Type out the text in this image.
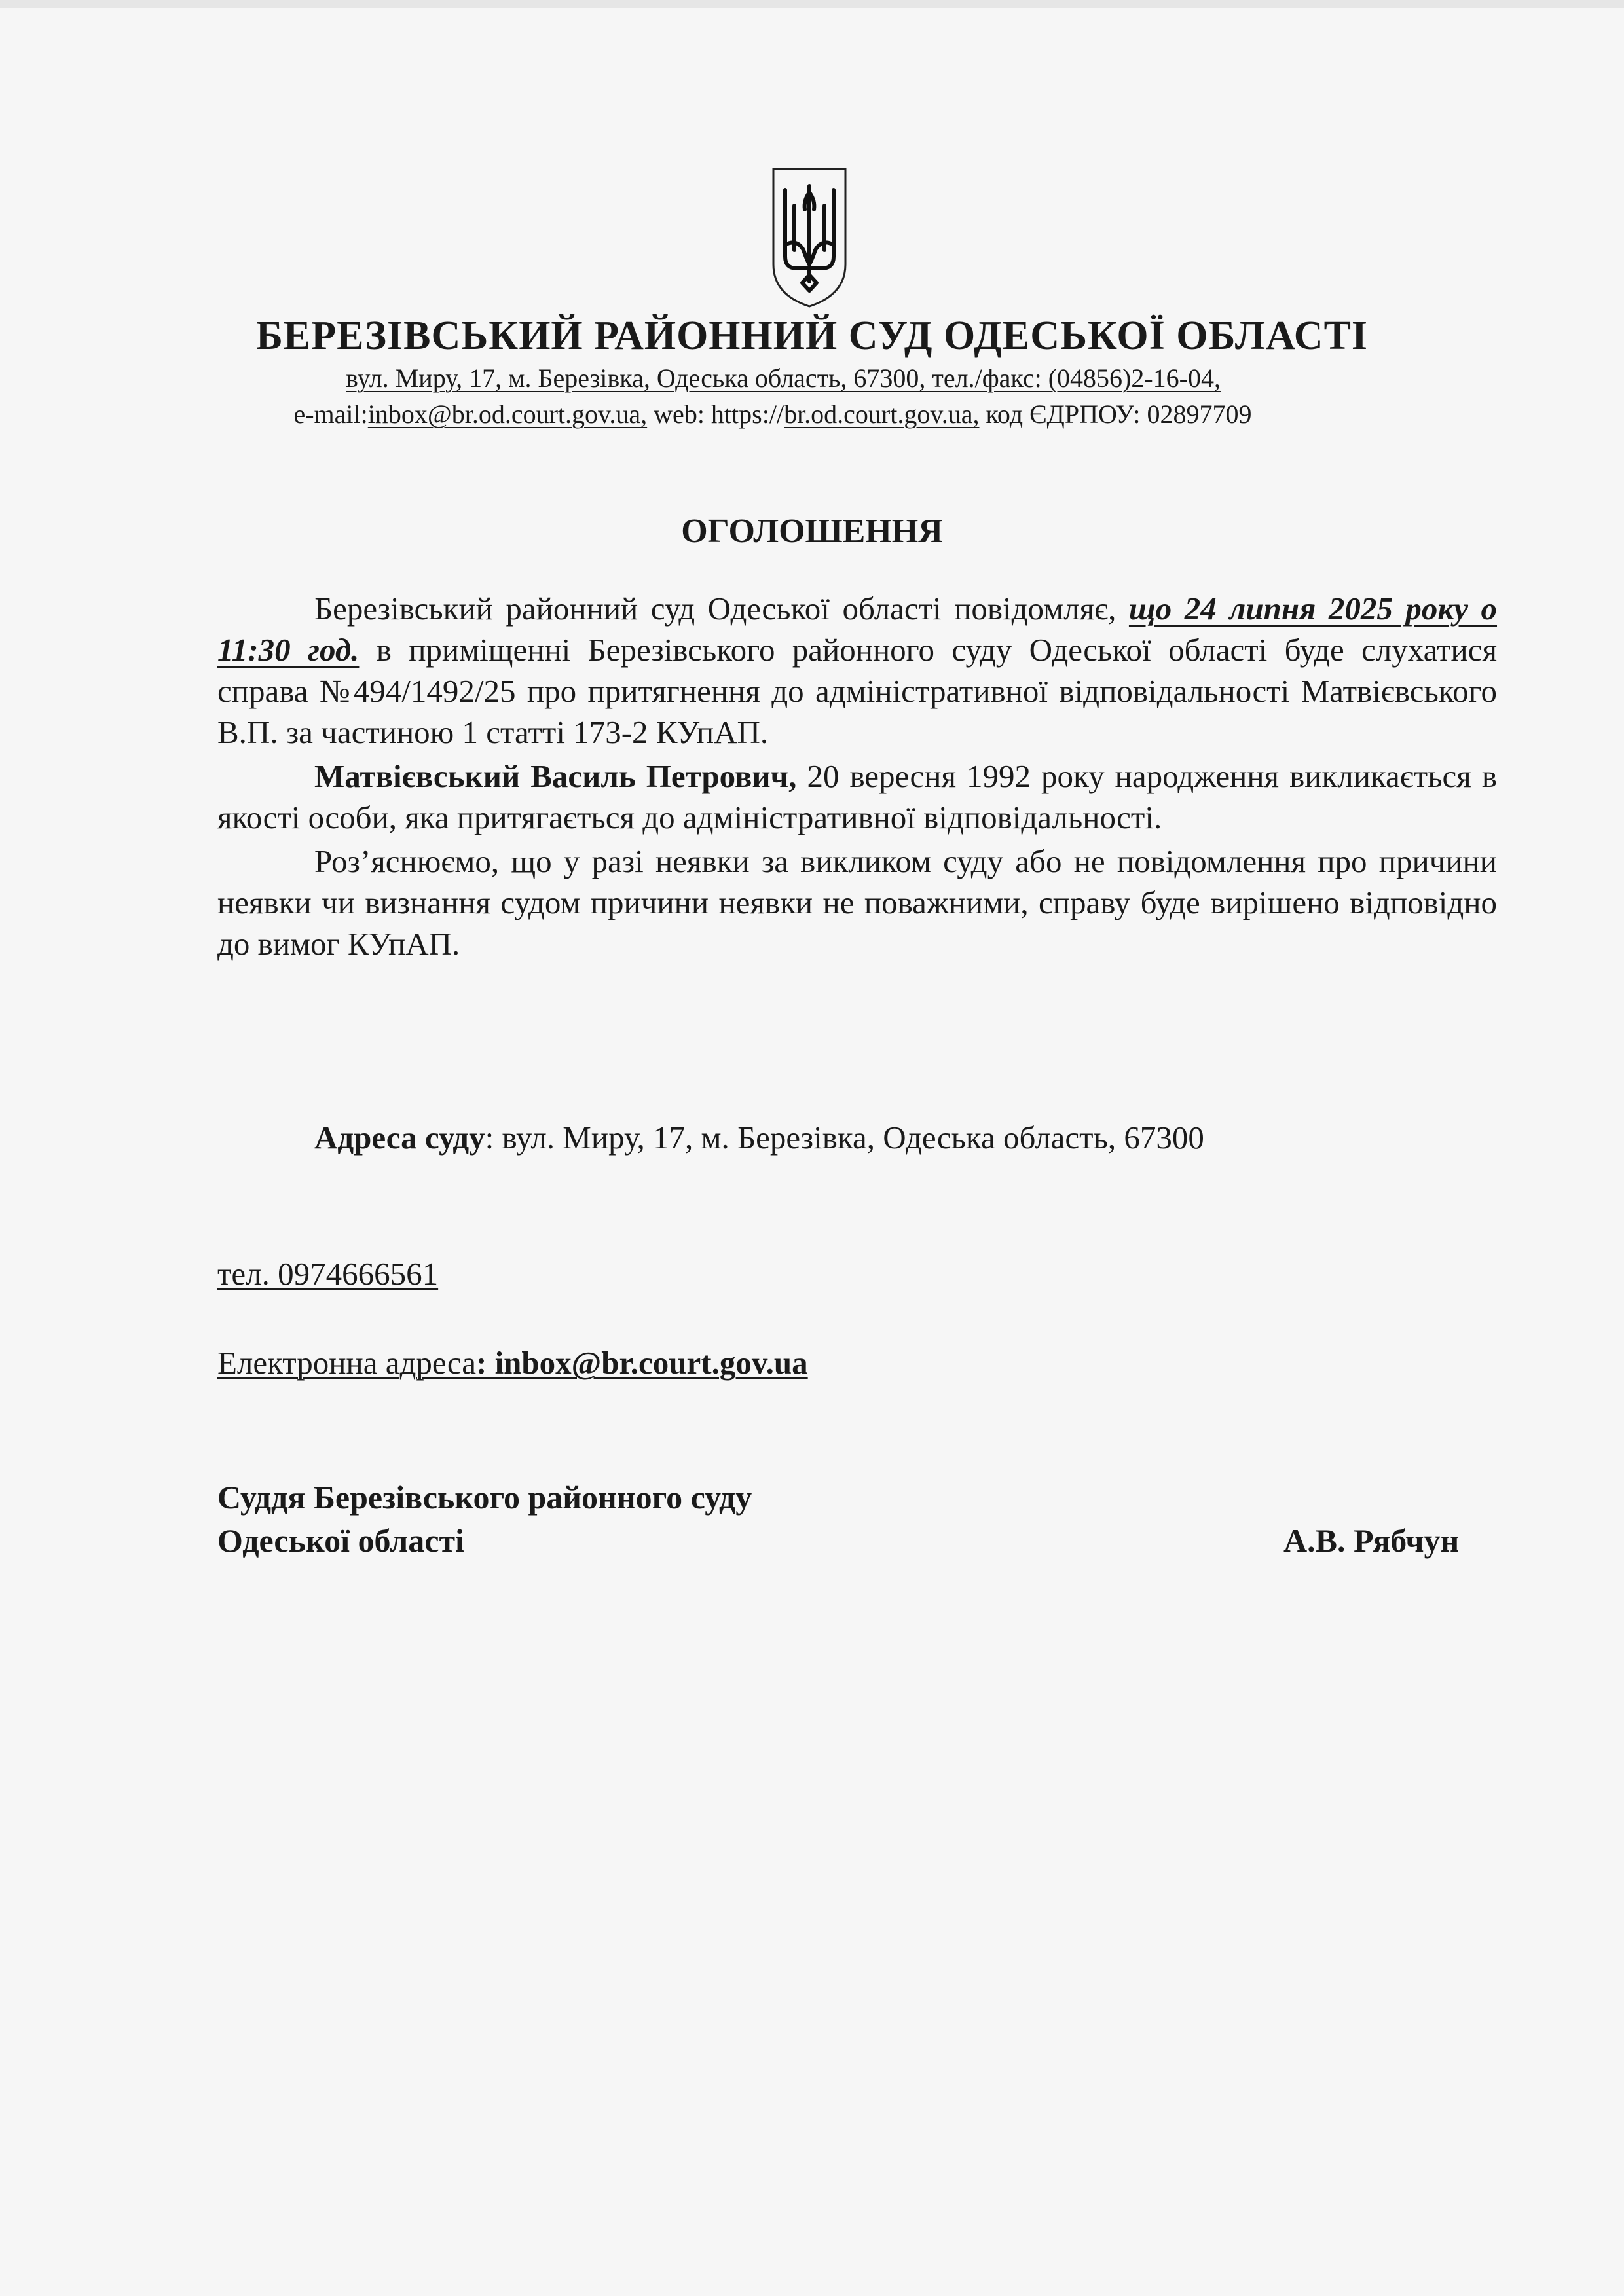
БЕРЕЗІВСЬКИЙ РАЙОННИЙ СУД ОДЕСЬКОЇ ОБЛАСТІ
вул. Миру, 17, м. Березівка, Одеська область, 67300, тел./факс: (04856)2-16-04,
e-mail:inbox@br.od.court.gov.ua, web: https://br.od.court.gov.ua, код ЄДРПОУ: 02897709
ОГОЛОШЕННЯ

Березівський районний суд Одеської області повідомляє, що 24 липня 2025 року о 11:30 год. в приміщенні Березівського районного суду Одеської області буде слухатися справа №494/1492/25 про притягнення до адміністративної відповідальності Матвієвського В.П. за частиною 1 статті 173-2 КУпАП.

Матвієвський Василь Петрович, 20 вересня 1992 року народження викликається в якості особи, яка притягається до адміністративної відповідальності.

Роз’яснюємо, що у разі неявки за викликом суду або не повідомлення про причини неявки чи визнання судом причини неявки не поважними, справу буде вирішено відповідно до вимог КУпАП.

Адреса суду: вул. Миру, 17, м. Березівка, Одеська область, 67300
тел. 0974666561
Електронна адреса: inbox@br.court.gov.ua
Суддя Березівського районного суду
Одеської області	А.В. Рябчун
